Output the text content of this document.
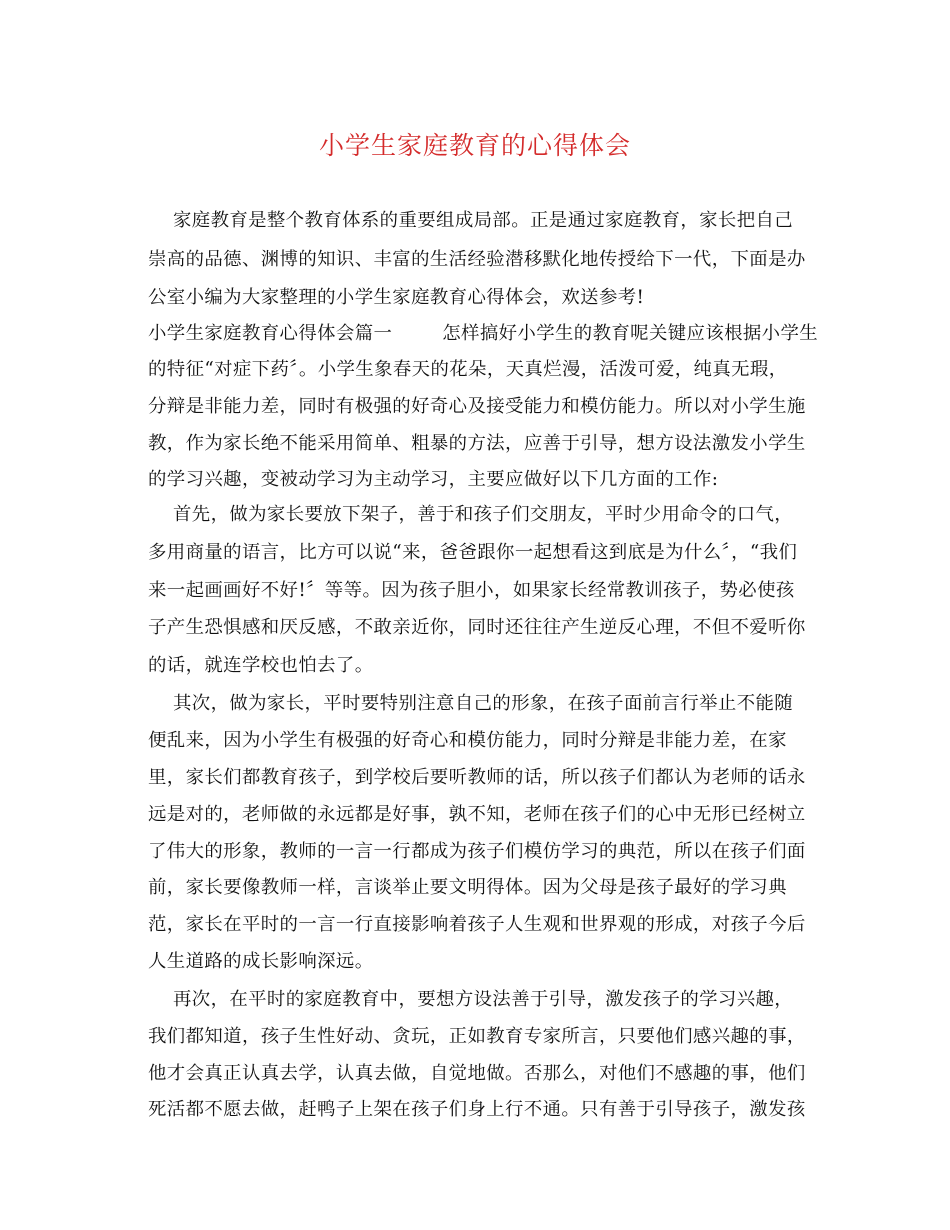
小学生家庭教育的心得体会
家庭教育是整个教育体系的重要组成局部。正是通过家庭教育，家长把自己
崇高的品德、渊博的知识、丰富的生活经验潜移默化地传授给下一代，下面是办
公室小编为大家整理的小学生家庭教育心得体会，欢送参考!
小学生家庭教育心得体会篇一        怎样搞好小学生的教育呢关键应该根据小学生
的特征“对症下药〞。小学生象春天的花朵，天真烂漫，活泼可爱，纯真无瑕，
分辩是非能力差，同时有极强的好奇心及接受能力和模仿能力。所以对小学生施
教，作为家长绝不能采用简单、粗暴的方法，应善于引导，想方设法激发小学生
的学习兴趣，变被动学习为主动学习，主要应做好以下几方面的工作:
首先，做为家长要放下架子，善于和孩子们交朋友，平时少用命令的口气，
多用商量的语言，比方可以说“来，爸爸跟你一起想看这到底是为什么〞，“我们
来一起画画好不好!〞等等。因为孩子胆小，如果家长经常教训孩子，势必使孩
子产生恐惧感和厌反感，不敢亲近你，同时还往往产生逆反心理，不但不爱听你
的话，就连学校也怕去了。
其次，做为家长，平时要特别注意自己的形象，在孩子面前言行举止不能随
便乱来，因为小学生有极强的好奇心和模仿能力，同时分辩是非能力差，在家
里，家长们都教育孩子，到学校后要听教师的话，所以孩子们都认为老师的话永
远是对的，老师做的永远都是好事，孰不知，老师在孩子们的心中无形已经树立
了伟大的形象，教师的一言一行都成为孩子们模仿学习的典范，所以在孩子们面
前，家长要像教师一样，言谈举止要文明得体。因为父母是孩子最好的学习典
范，家长在平时的一言一行直接影响着孩子人生观和世界观的形成，对孩子今后
人生道路的成长影响深远。
再次，在平时的家庭教育中，要想方设法善于引导，激发孩子的学习兴趣，
我们都知道，孩子生性好动、贪玩，正如教育专家所言，只要他们感兴趣的事，
他才会真正认真去学，认真去做，自觉地做。否那么，对他们不感趣的事，他们
死活都不愿去做，赶鸭子上架在孩子们身上行不通。只有善于引导孩子，激发孩
